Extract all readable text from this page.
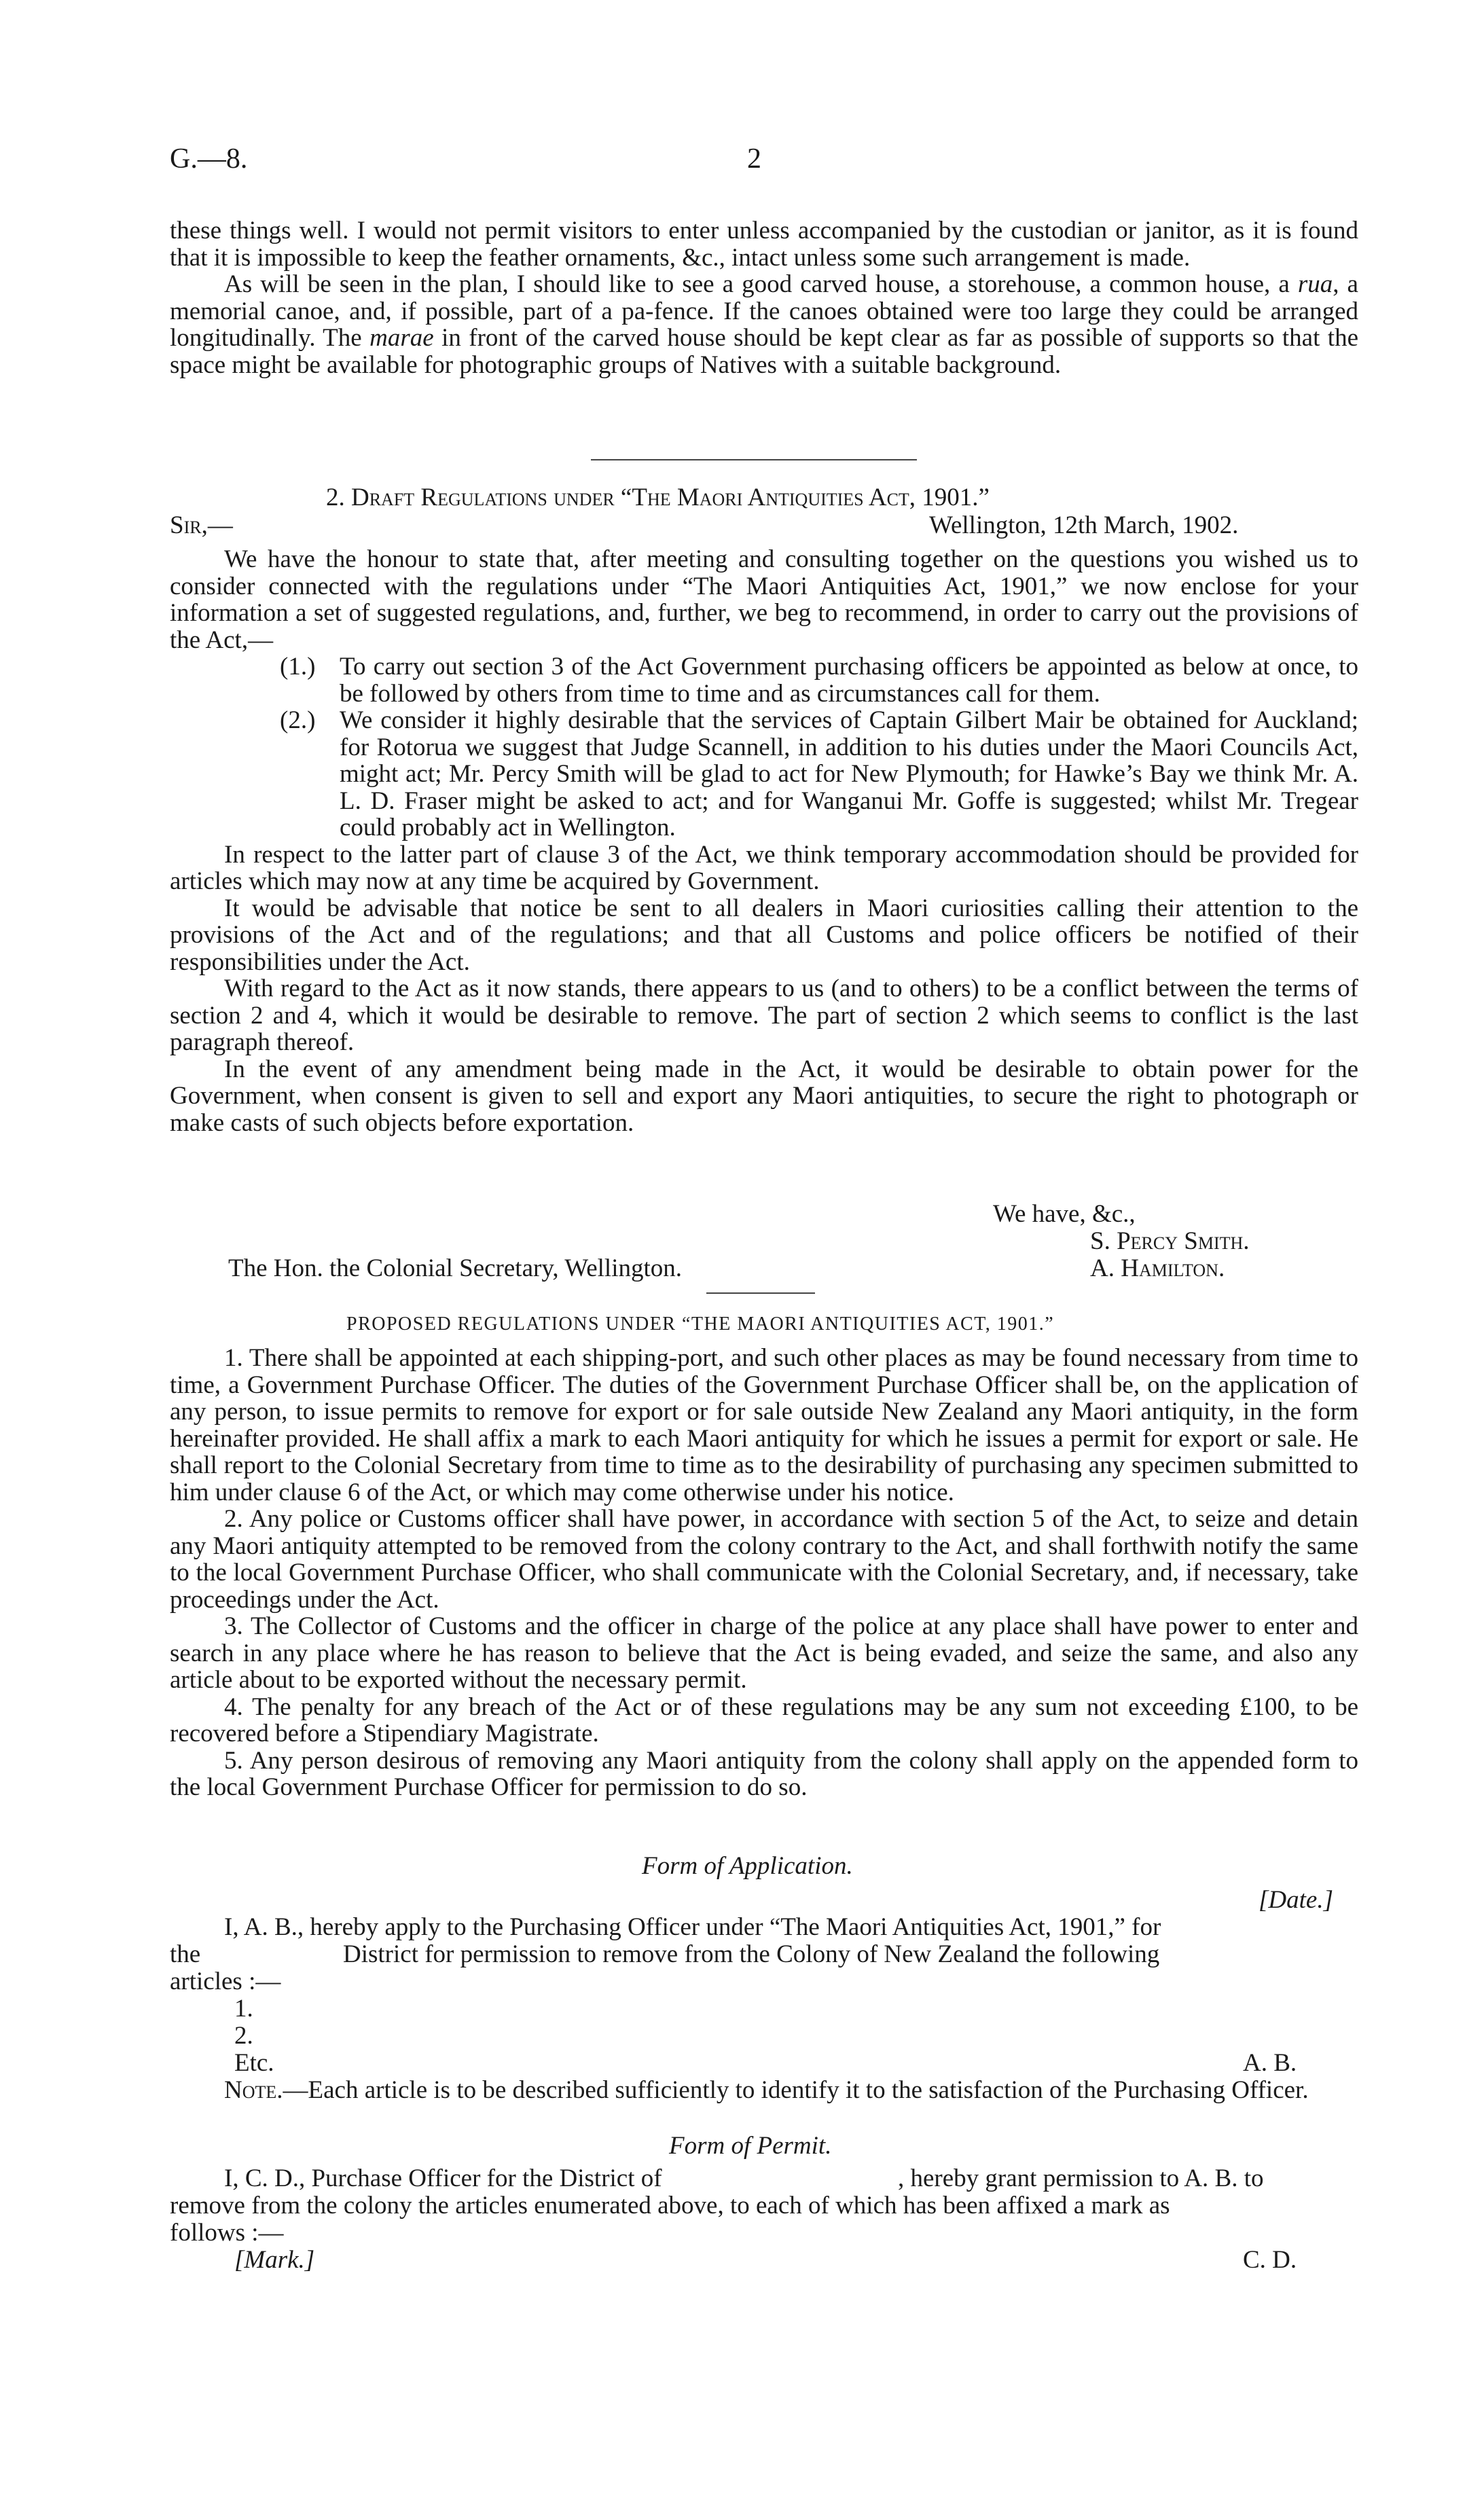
G.—8.	2

these things well. I would not permit visitors to enter unless accompanied by the custodian or janitor, as it is found that it is impossible to keep the feather ornaments, &c., intact unless some such arrangement is made.

As will be seen in the plan, I should like to see a good carved house, a storehouse, a common house, a rua, a memorial canoe, and, if possible, part of a pa-fence. If the canoes obtained were too large they could be arranged longitudinally. The marae in front of the carved house should be kept clear as far as possible of supports so that the space might be available for photographic groups of Natives with a suitable background.

2. Draft Regulations under “The Maori Antiquities Act, 1901.”
Sir,—	Wellington, 12th March, 1902.

We have the honour to state that, after meeting and consulting together on the questions you wished us to consider connected with the regulations under “The Maori Antiquities Act, 1901,” we now enclose for your information a set of suggested regulations, and, further, we beg to recommend, in order to carry out the provisions of the Act,—

(1.) To carry out section 3 of the Act Government purchasing officers be appointed as below at once, to be followed by others from time to time and as circumstances call for them.
(2.) We consider it highly desirable that the services of Captain Gilbert Mair be obtained for Auckland; for Rotorua we suggest that Judge Scannell, in addition to his duties under the Maori Councils Act, might act; Mr. Percy Smith will be glad to act for New Plymouth; for Hawke’s Bay we think Mr. A. L. D. Fraser might be asked to act; and for Wanganui Mr. Goffe is suggested; whilst Mr. Tregear could probably act in Wellington.

In respect to the latter part of clause 3 of the Act, we think temporary accommodation should be provided for articles which may now at any time be acquired by Government.

It would be advisable that notice be sent to all dealers in Maori curiosities calling their attention to the provisions of the Act and of the regulations; and that all Customs and police officers be notified of their responsibilities under the Act.

With regard to the Act as it now stands, there appears to us (and to others) to be a conflict between the terms of section 2 and 4, which it would be desirable to remove. The part of section 2 which seems to conflict is the last paragraph thereof.

In the event of any amendment being made in the Act, it would be desirable to obtain power for the Government, when consent is given to sell and export any Maori antiquities, to secure the right to photograph or make casts of such objects before exportation.

We have, &c.,
S. Percy Smith.
The Hon. the Colonial Secretary, Wellington.	A. Hamilton.
PROPOSED REGULATIONS UNDER “THE MAORI ANTIQUITIES ACT, 1901.”

1. There shall be appointed at each shipping-port, and such other places as may be found necessary from time to time, a Government Purchase Officer. The duties of the Government Purchase Officer shall be, on the application of any person, to issue permits to remove for export or for sale outside New Zealand any Maori antiquity, in the form hereinafter provided. He shall affix a mark to each Maori antiquity for which he issues a permit for export or sale. He shall report to the Colonial Secretary from time to time as to the desirability of purchasing any specimen submitted to him under clause 6 of the Act, or which may come otherwise under his notice.

2. Any police or Customs officer shall have power, in accordance with section 5 of the Act, to seize and detain any Maori antiquity attempted to be removed from the colony contrary to the Act, and shall forthwith notify the same to the local Government Purchase Officer, who shall communicate with the Colonial Secretary, and, if necessary, take proceedings under the Act.

3. The Collector of Customs and the officer in charge of the police at any place shall have power to enter and search in any place where he has reason to believe that the Act is being evaded, and seize the same, and also any article about to be exported without the necessary permit.

4. The penalty for any breach of the Act or of these regulations may be any sum not exceeding £100, to be recovered before a Stipendiary Magistrate.

5. Any person desirous of removing any Maori antiquity from the colony shall apply on the appended form to the local Government Purchase Officer for permission to do so.

Form of Application.
[Date.]
I, A. B., hereby apply to the Purchasing Officer under “The Maori Antiquities Act, 1901,” for
the	District for permission to remove from the Colony of New Zealand the following
articles :—
1.
2.
Etc.	A. B.

Note.—Each article is to be described sufficiently to identify it to the satisfaction of the Purchasing Officer.

Form of Permit.
I, C. D., Purchase Officer for the District of	, hereby grant permission to A. B. to
remove from the colony the articles enumerated above, to each of which has been affixed a mark as
follows :—
[Mark.]	C. D.
